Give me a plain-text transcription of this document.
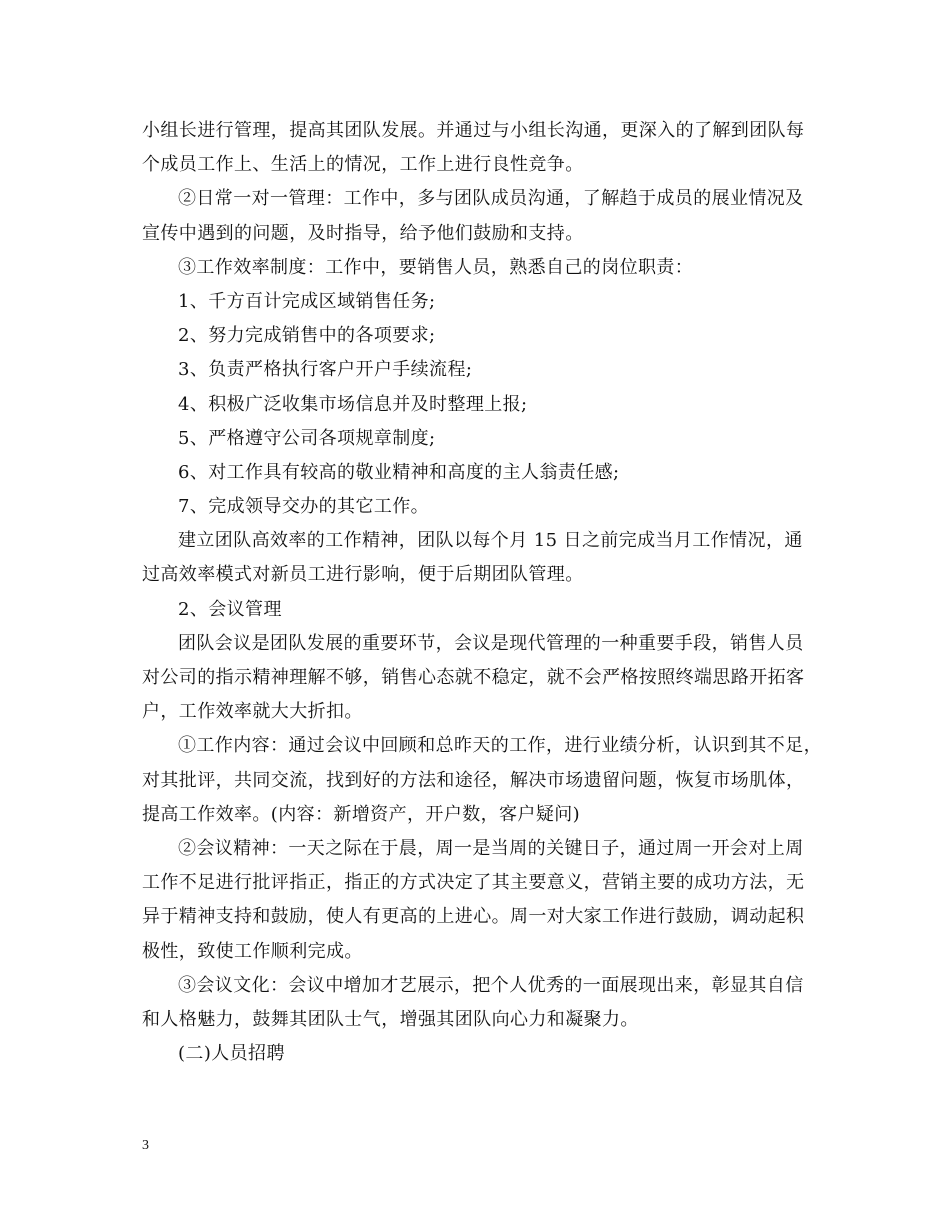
小组长进行管理，提高其团队发展。并通过与小组长沟通，更深入的了解到团队每
个成员工作上、生活上的情况，工作上进行良性竞争。
②日常一对一管理：工作中，多与团队成员沟通，了解趋于成员的展业情况及
宣传中遇到的问题，及时指导，给予他们鼓励和支持。
③工作效率制度：工作中，要销售人员，熟悉自己的岗位职责：
1、千方百计完成区域销售任务;
2、努力完成销售中的各项要求;
3、负责严格执行客户开户手续流程;
4、积极广泛收集市场信息并及时整理上报;
5、严格遵守公司各项规章制度;
6、对工作具有较高的敬业精神和高度的主人翁责任感;
7、完成领导交办的其它工作。
建立团队高效率的工作精神，团队以每个月 15 日之前完成当月工作情况，通
过高效率模式对新员工进行影响，便于后期团队管理。
2、会议管理
团队会议是团队发展的重要环节，会议是现代管理的一种重要手段，销售人员
对公司的指示精神理解不够，销售心态就不稳定，就不会严格按照终端思路开拓客
户，工作效率就大大折扣。
①工作内容：通过会议中回顾和总昨天的工作，进行业绩分析，认识到其不足，
对其批评，共同交流，找到好的方法和途径，解决市场遗留问题，恢复市场肌体，
提高工作效率。(内容：新增资产，开户数，客户疑问)
②会议精神：一天之际在于晨，周一是当周的关键日子，通过周一开会对上周
工作不足进行批评指正，指正的方式决定了其主要意义，营销主要的成功方法，无
异于精神支持和鼓励，使人有更高的上进心。周一对大家工作进行鼓励，调动起积
极性，致使工作顺利完成。
③会议文化：会议中增加才艺展示，把个人优秀的一面展现出来，彰显其自信
和人格魅力，鼓舞其团队士气，增强其团队向心力和凝聚力。
(二)人员招聘
3
